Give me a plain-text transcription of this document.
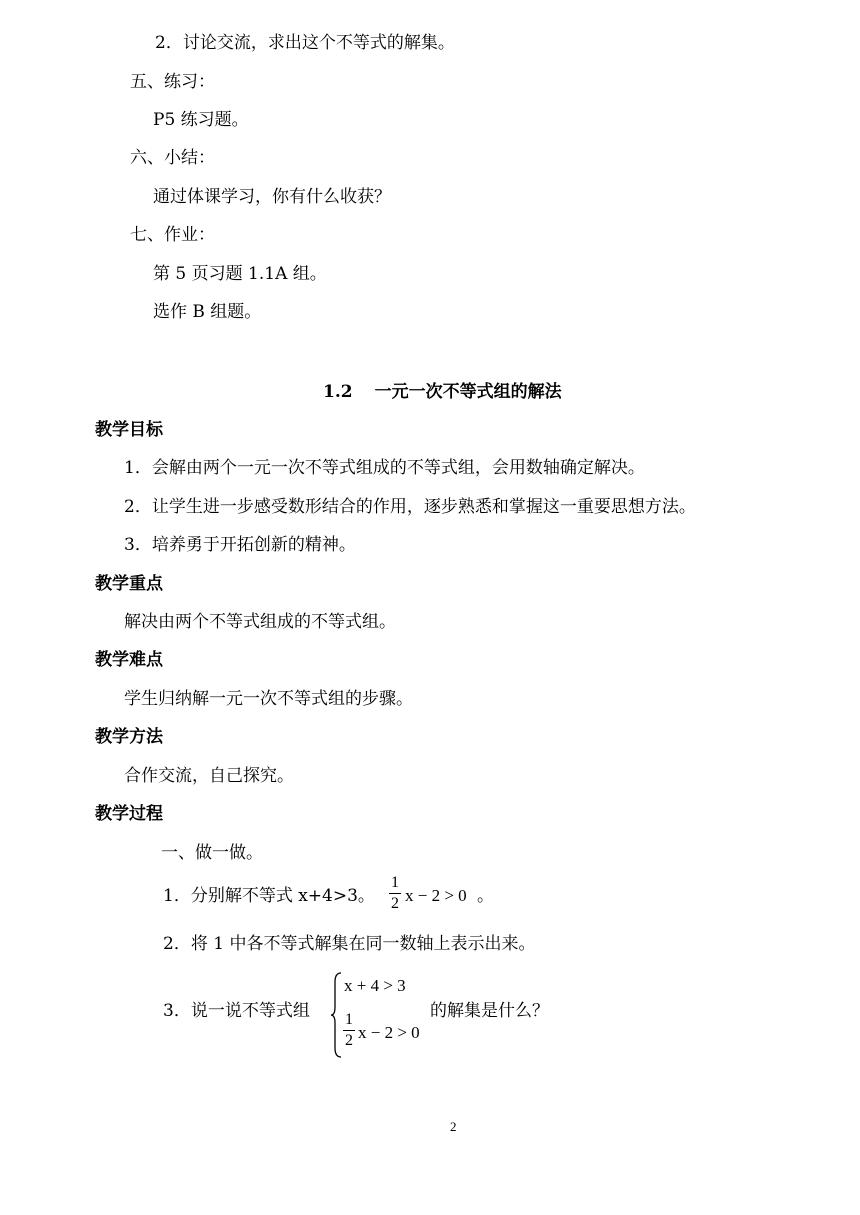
2．讨论交流，求出这个不等式的解集。
五、练习：
P5 练习题。
六、小结：
通过体课学习，你有什么收获？
七、作业：
第 5 页习题 1.1A 组。
选作 B 组题。
1.2 一元一次不等式组的解法
教学目标
1．会解由两个一元一次不等式组成的不等式组，会用数轴确定解决。
2．让学生进一步感受数形结合的作用，逐步熟悉和掌握这一重要思想方法。
3．培养勇于开拓创新的精神。
教学重点
解决由两个不等式组成的不等式组。
教学难点
学生归纳解一元一次不等式组的步骤。
教学方法
合作交流，自己探究。
教学过程
一、做一做。
1．分别解不等式 x+4>3。
1
2 x − 2 > 0 。
2．将 1 中各不等式解集在同一数轴上表示出来。
3．说一说不等式组
x + 4 > 3
1
2 x − 2 > 0
的解集是什么？
2
